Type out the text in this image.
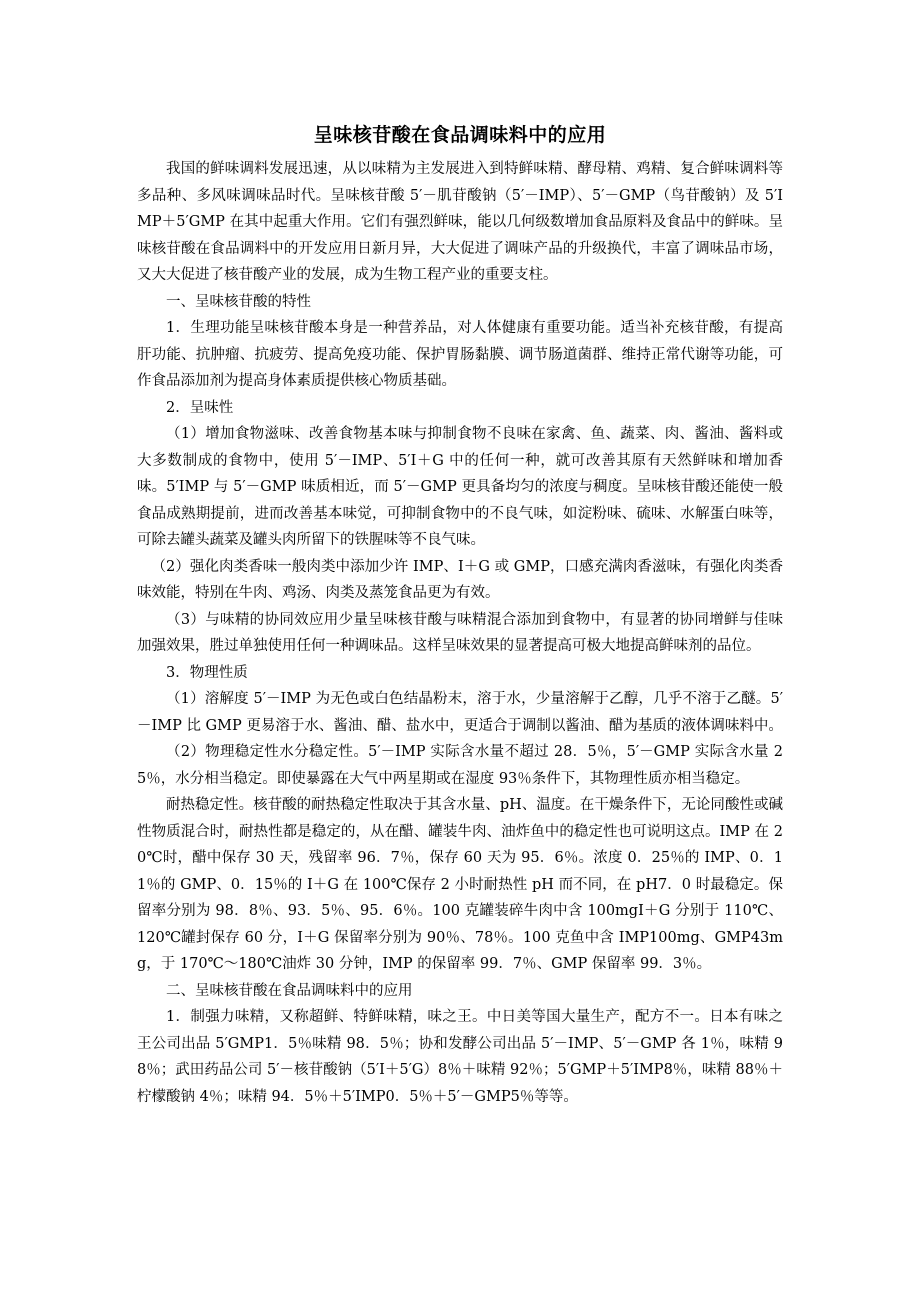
呈味核苷酸在食品调味料中的应用

我国的鲜味调料发展迅速，从以味精为主发展进入到特鲜味精、酵母精、鸡精、复合鲜味调料等多品种、多风味调味品时代。呈味核苷酸 5′－肌苷酸钠（5′－IMP）、5′－GMP（鸟苷酸钠）及 5′IMP＋5′GMP 在其中起重大作用。它们有强烈鲜味，能以几何级数增加食品原料及食品中的鲜味。呈味核苷酸在食品调料中的开发应用日新月异，大大促进了调味产品的升级换代，丰富了调味品市场，又大大促进了核苷酸产业的发展，成为生物工程产业的重要支柱。

一、呈味核苷酸的特性

1．生理功能呈味核苷酸本身是一种营养品，对人体健康有重要功能。适当补充核苷酸，有提高肝功能、抗肿瘤、抗疲劳、提高免疫功能、保护胃肠黏膜、调节肠道菌群、维持正常代谢等功能，可作食品添加剂为提高身体素质提供核心物质基础。

2．呈味性

（1）增加食物滋味、改善食物基本味与抑制食物不良味在家禽、鱼、蔬菜、肉、酱油、酱料或大多数制成的食物中，使用 5′－IMP、5′I＋G 中的任何一种，就可改善其原有天然鲜味和增加香味。5′IMP 与 5′－GMP 味质相近，而 5′－GMP 更具备均匀的浓度与稠度。呈味核苷酸还能使一般食品成熟期提前，进而改善基本味觉，可抑制食物中的不良气味，如淀粉味、硫味、水解蛋白味等，可除去罐头蔬菜及罐头肉所留下的铁腥味等不良气味。

（2）强化肉类香味一般肉类中添加少许 IMP、I＋G 或 GMP，口感充满肉香滋味，有强化肉类香味效能，特别在牛肉、鸡汤、肉类及蒸笼食品更为有效。

（3）与味精的协同效应用少量呈味核苷酸与味精混合添加到食物中，有显著的协同增鲜与佳味加强效果，胜过单独使用任何一种调味品。这样呈味效果的显著提高可极大地提高鲜味剂的品位。

3．物理性质

（1）溶解度 5′－IMP 为无色或白色结晶粉末，溶于水，少量溶解于乙醇，几乎不溶于乙醚。5′－IMP 比 GMP 更易溶于水、酱油、醋、盐水中，更适合于调制以酱油、醋为基质的液体调味料中。

（2）物理稳定性水分稳定性。5′－IMP 实际含水量不超过 28．5％，5′－GMP 实际含水量 25％，水分相当稳定。即使暴露在大气中两星期或在湿度 93％条件下，其物理性质亦相当稳定。

耐热稳定性。核苷酸的耐热稳定性取决于其含水量、pH、温度。在干燥条件下，无论同酸性或碱性物质混合时，耐热性都是稳定的，从在醋、罐装牛肉、油炸鱼中的稳定性也可说明这点。IMP 在 20℃时，醋中保存 30 天，残留率 96．7％，保存 60 天为 95．6％。浓度 0．25％的 IMP、0．11％的 GMP、0．15％的 I＋G 在 100℃保存 2 小时耐热性 pH 而不同，在 pH7．0 时最稳定。保留率分别为 98．8％、93．5％、95．6％。100 克罐装碎牛肉中含 100mgI＋G 分别于 110℃、120℃罐封保存 60 分，I＋G 保留率分别为 90％、78％。100 克鱼中含 IMP100mg、GMP43mg，于 170℃～180℃油炸 30 分钟，IMP 的保留率 99．7％、GMP 保留率 99．3％。

二、呈味核苷酸在食品调味料中的应用

1．制强力味精，又称超鲜、特鲜味精，味之王。中日美等国大量生产，配方不一。日本有味之王公司出品 5′GMP1．5％味精 98．5％；协和发酵公司出品 5′－IMP、5′－GMP 各 1％，味精 98％；武田药品公司 5′－核苷酸钠（5′I＋5′G）8％＋味精 92％；5′GMP＋5′IMP8％，味精 88％＋柠檬酸钠 4％；味精 94．5％＋5′IMP0．5％＋5′－GMP5％等等。
